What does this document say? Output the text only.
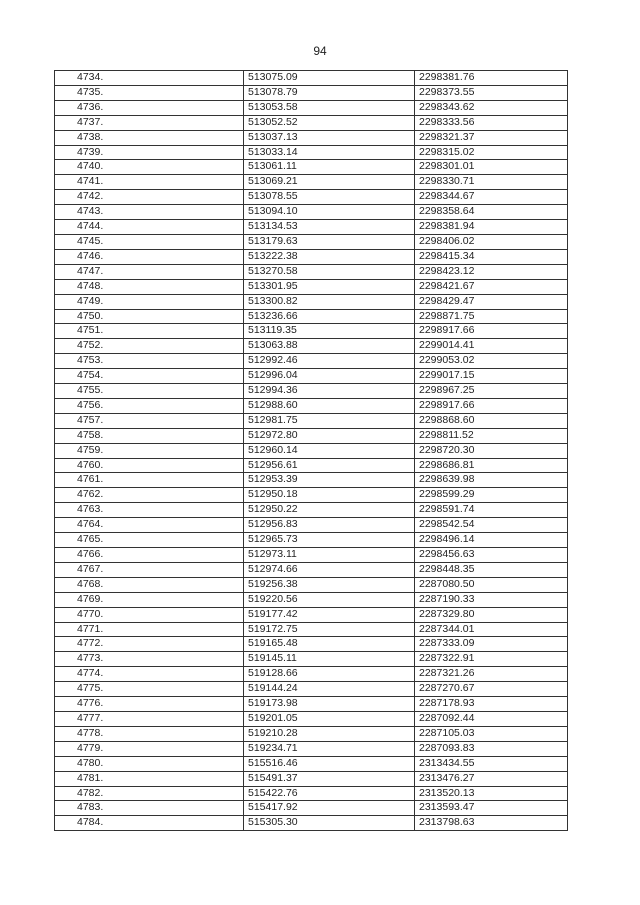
94
4734.	513075.09	2298381.76
4735.	513078.79	2298373.55
4736.	513053.58	2298343.62
4737.	513052.52	2298333.56
4738.	513037.13	2298321.37
4739.	513033.14	2298315.02
4740.	513061.11	2298301.01
4741.	513069.21	2298330.71
4742.	513078.55	2298344.67
4743.	513094.10	2298358.64
4744.	513134.53	2298381.94
4745.	513179.63	2298406.02
4746.	513222.38	2298415.34
4747.	513270.58	2298423.12
4748.	513301.95	2298421.67
4749.	513300.82	2298429.47
4750.	513236.66	2298871.75
4751.	513119.35	2298917.66
4752.	513063.88	2299014.41
4753.	512992.46	2299053.02
4754.	512996.04	2299017.15
4755.	512994.36	2298967.25
4756.	512988.60	2298917.66
4757.	512981.75	2298868.60
4758.	512972.80	2298811.52
4759.	512960.14	2298720.30
4760.	512956.61	2298686.81
4761.	512953.39	2298639.98
4762.	512950.18	2298599.29
4763.	512950.22	2298591.74
4764.	512956.83	2298542.54
4765.	512965.73	2298496.14
4766.	512973.11	2298456.63
4767.	512974.66	2298448.35
4768.	519256.38	2287080.50
4769.	519220.56	2287190.33
4770.	519177.42	2287329.80
4771.	519172.75	2287344.01
4772.	519165.48	2287333.09
4773.	519145.11	2287322.91
4774.	519128.66	2287321.26
4775.	519144.24	2287270.67
4776.	519173.98	2287178.93
4777.	519201.05	2287092.44
4778.	519210.28	2287105.03
4779.	519234.71	2287093.83
4780.	515516.46	2313434.55
4781.	515491.37	2313476.27
4782.	515422.76	2313520.13
4783.	515417.92	2313593.47
4784.	515305.30	2313798.63
